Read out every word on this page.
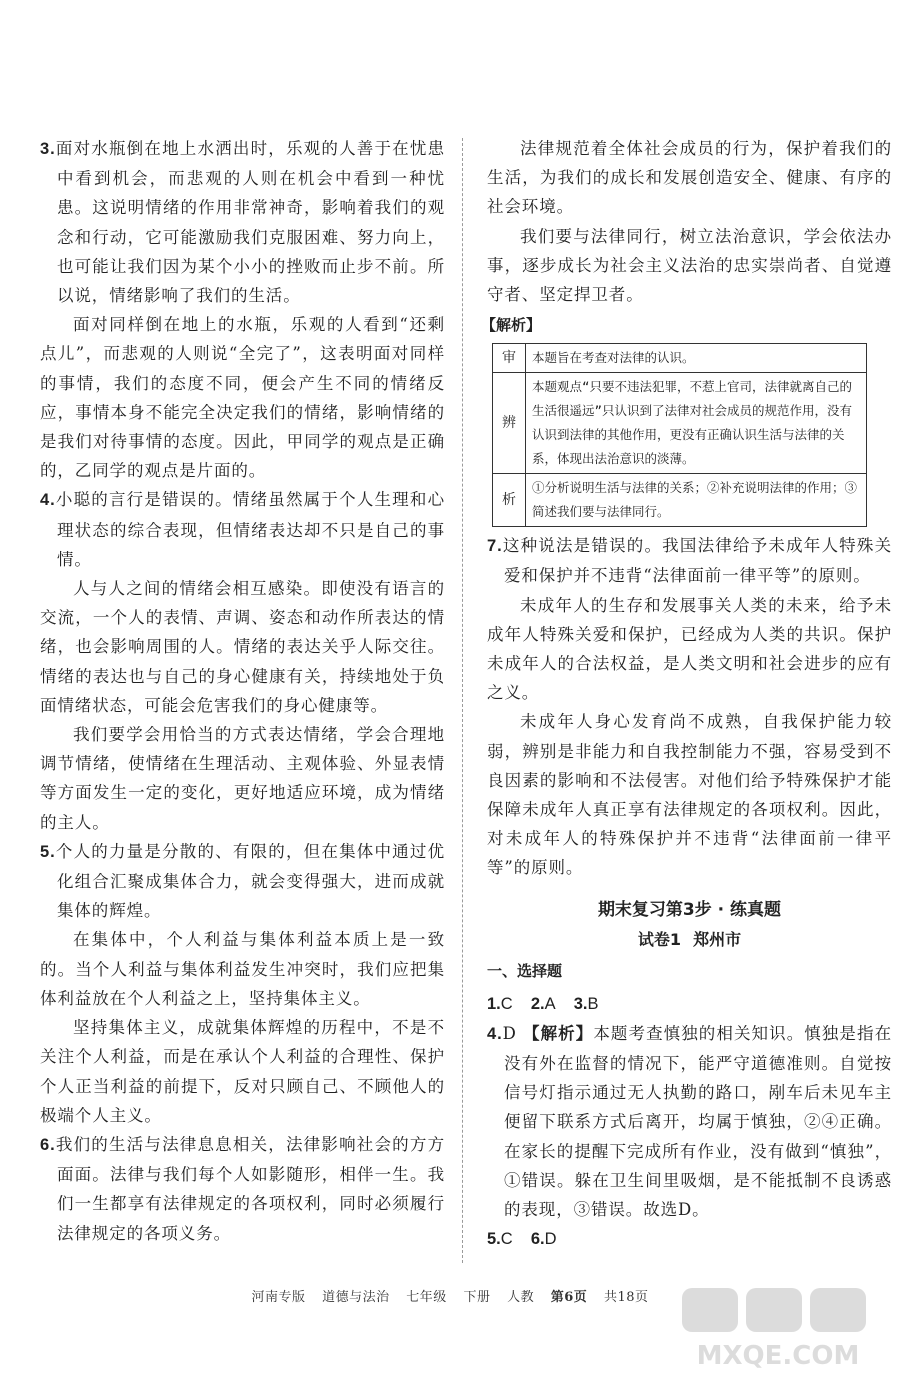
3.面对水瓶倒在地上水洒出时，乐观的人善于在忧患中看到机会，而悲观的人则在机会中看到一种忧患。这说明情绪的作用非常神奇，影响着我们的观念和行动，它可能激励我们克服困难、努力向上，也可能让我们因为某个小小的挫败而止步不前。所以说，情绪影响了我们的生活。

面对同样倒在地上的水瓶，乐观的人看到“还剩点儿”，而悲观的人则说“全完了”，这表明面对同样的事情，我们的态度不同，便会产生不同的情绪反应，事情本身不能完全决定我们的情绪，影响情绪的是我们对待事情的态度。因此，甲同学的观点是正确的，乙同学的观点是片面的。

4.小聪的言行是错误的。情绪虽然属于个人生理和心理状态的综合表现，但情绪表达却不只是自己的事情。

人与人之间的情绪会相互感染。即使没有语言的交流，一个人的表情、声调、姿态和动作所表达的情绪，也会影响周围的人。情绪的表达关乎人际交往。情绪的表达也与自己的身心健康有关，持续地处于负面情绪状态，可能会危害我们的身心健康等。

我们要学会用恰当的方式表达情绪，学会合理地调节情绪，使情绪在生理活动、主观体验、外显表情等方面发生一定的变化，更好地适应环境，成为情绪的主人。

5.个人的力量是分散的、有限的，但在集体中通过优化组合汇聚成集体合力，就会变得强大，进而成就集体的辉煌。

在集体中，个人利益与集体利益本质上是一致的。当个人利益与集体利益发生冲突时，我们应把集体利益放在个人利益之上，坚持集体主义。

坚持集体主义，成就集体辉煌的历程中，不是不关注个人利益，而是在承认个人利益的合理性、保护个人正当利益的前提下，反对只顾自己、不顾他人的极端个人主义。

6.我们的生活与法律息息相关，法律影响社会的方方面面。法律与我们每个人如影随形，相伴一生。我们一生都享有法律规定的各项权利，同时必须履行法律规定的各项义务。

法律规范着全体社会成员的行为，保护着我们的生活，为我们的成长和发展创造安全、健康、有序的社会环境。

我们要与法律同行，树立法治意识，学会依法办事，逐步成长为社会主义法治的忠实崇尚者、自觉遵守者、坚定捍卫者。

【解析】
审	本题旨在考查对法律的认识。
辨	本题观点“只要不违法犯罪，不惹上官司，法律就离自己的生活很遥远”只认识到了法律对社会成员的规范作用，没有认识到法律的其他作用，更没有正确认识生活与法律的关系，体现出法治意识的淡薄。
析	①分析说明生活与法律的关系；②补充说明法律的作用；③简述我们要与法律同行。

7.这种说法是错误的。我国法律给予未成年人特殊关爱和保护并不违背“法律面前一律平等”的原则。

未成年人的生存和发展事关人类的未来，给予未成年人特殊关爱和保护，已经成为人类的共识。保护未成年人的合法权益，是人类文明和社会进步的应有之义。

未成年人身心发育尚不成熟，自我保护能力较弱，辨别是非能力和自我控制能力不强，容易受到不良因素的影响和不法侵害。对他们给予特殊保护才能保障未成年人真正享有法律规定的各项权利。因此，对未成年人的特殊保护并不违背“法律面前一律平等”的原则。

期末复习第3步 · 练真题
试卷1 郑州市
一、选择题
1.C 2.A 3.B

4.D 【解析】本题考查慎独的相关知识。慎独是指在没有外在监督的情况下，能严守道德准则。自觉按信号灯指示通过无人执勤的路口，剐车后未见车主便留下联系方式后离开，均属于慎独，②④正确。在家长的提醒下完成所有作业，没有做到“慎独”，①错误。躲在卫生间里吸烟，是不能抵制不良诱惑的表现，③错误。故选D。

5.C 6.D
河南专版 道德与法治 七年级 下册 人教 第6页 共18页
MXQE.COM
